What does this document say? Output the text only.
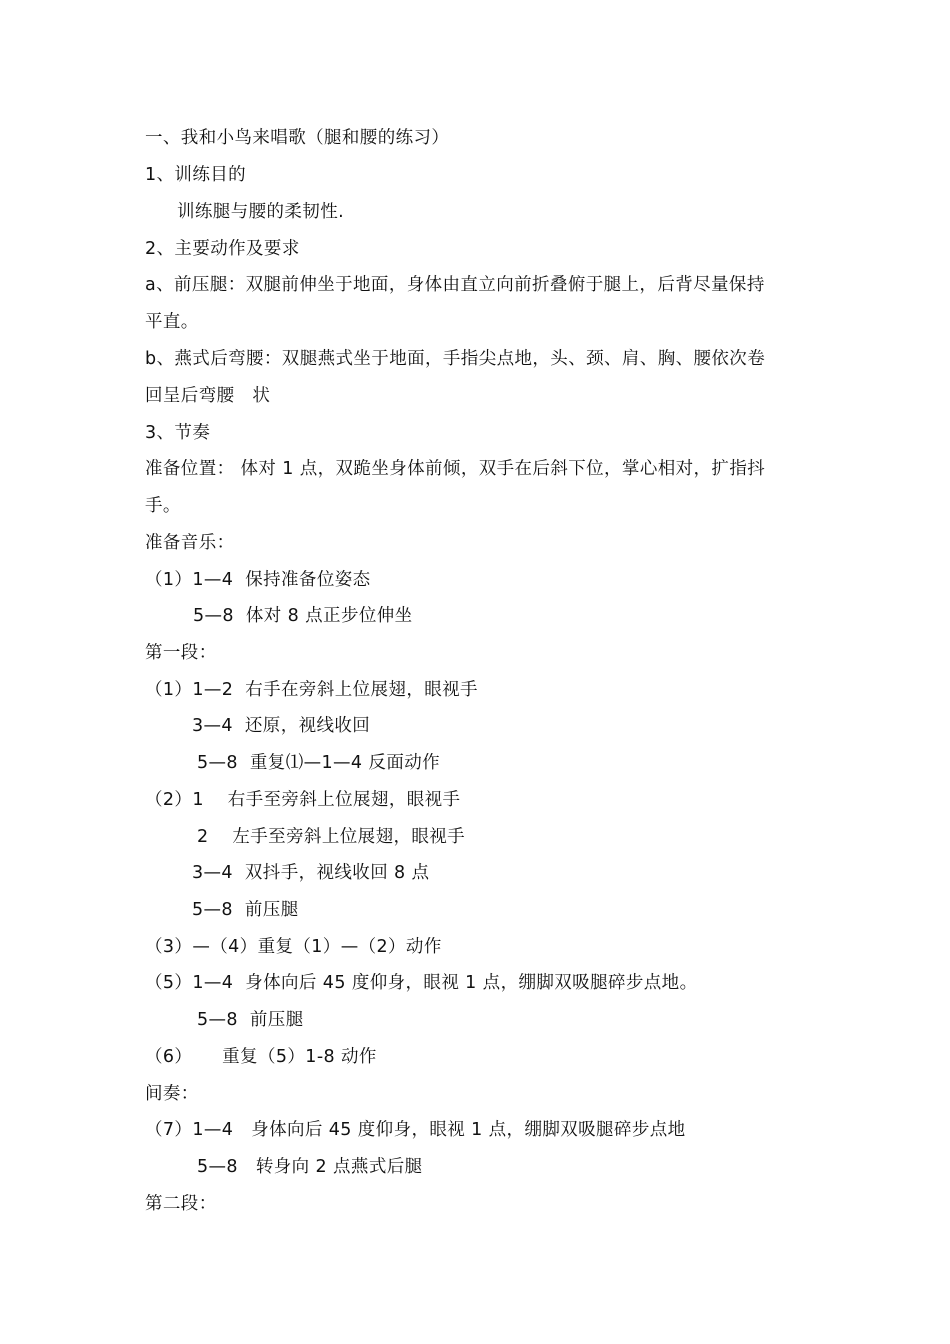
一、我和小鸟来唱歌（腿和腰的练习）
1、训练目的
训练腿与腰的柔韧性.
2、主要动作及要求
a、前压腿：双腿前伸坐于地面，身体由直立向前折叠俯于腿上，后背尽量保持
平直。
b、燕式后弯腰：双腿燕式坐于地面，手指尖点地，头、颈、肩、胸、腰依次卷
回呈后弯腰   状
3、节奏
准备位置： 体对 1 点，双跪坐身体前倾，双手在后斜下位，掌心相对，扩指抖
手。
准备音乐：
（1）1—4  保持准备位姿态
5—8  体对 8 点正步位伸坐
第一段：
（1）1—2  右手在旁斜上位展翅，眼视手
3—4  还原，视线收回
5—8  重复⑴—1—4 反面动作
（2）1    右手至旁斜上位展翅，眼视手
2    左手至旁斜上位展翅，眼视手
3—4  双抖手，视线收回 8 点
5—8  前压腿
（3）—（4）重复（1）—（2）动作
（5）1—4  身体向后 45 度仰身，眼视 1 点，绷脚双吸腿碎步点地。
5—8  前压腿
（6）     重复（5）1-8 动作
间奏：
（7）1—4   身体向后 45 度仰身，眼视 1 点，绷脚双吸腿碎步点地
5—8   转身向 2 点燕式后腿
第二段：
